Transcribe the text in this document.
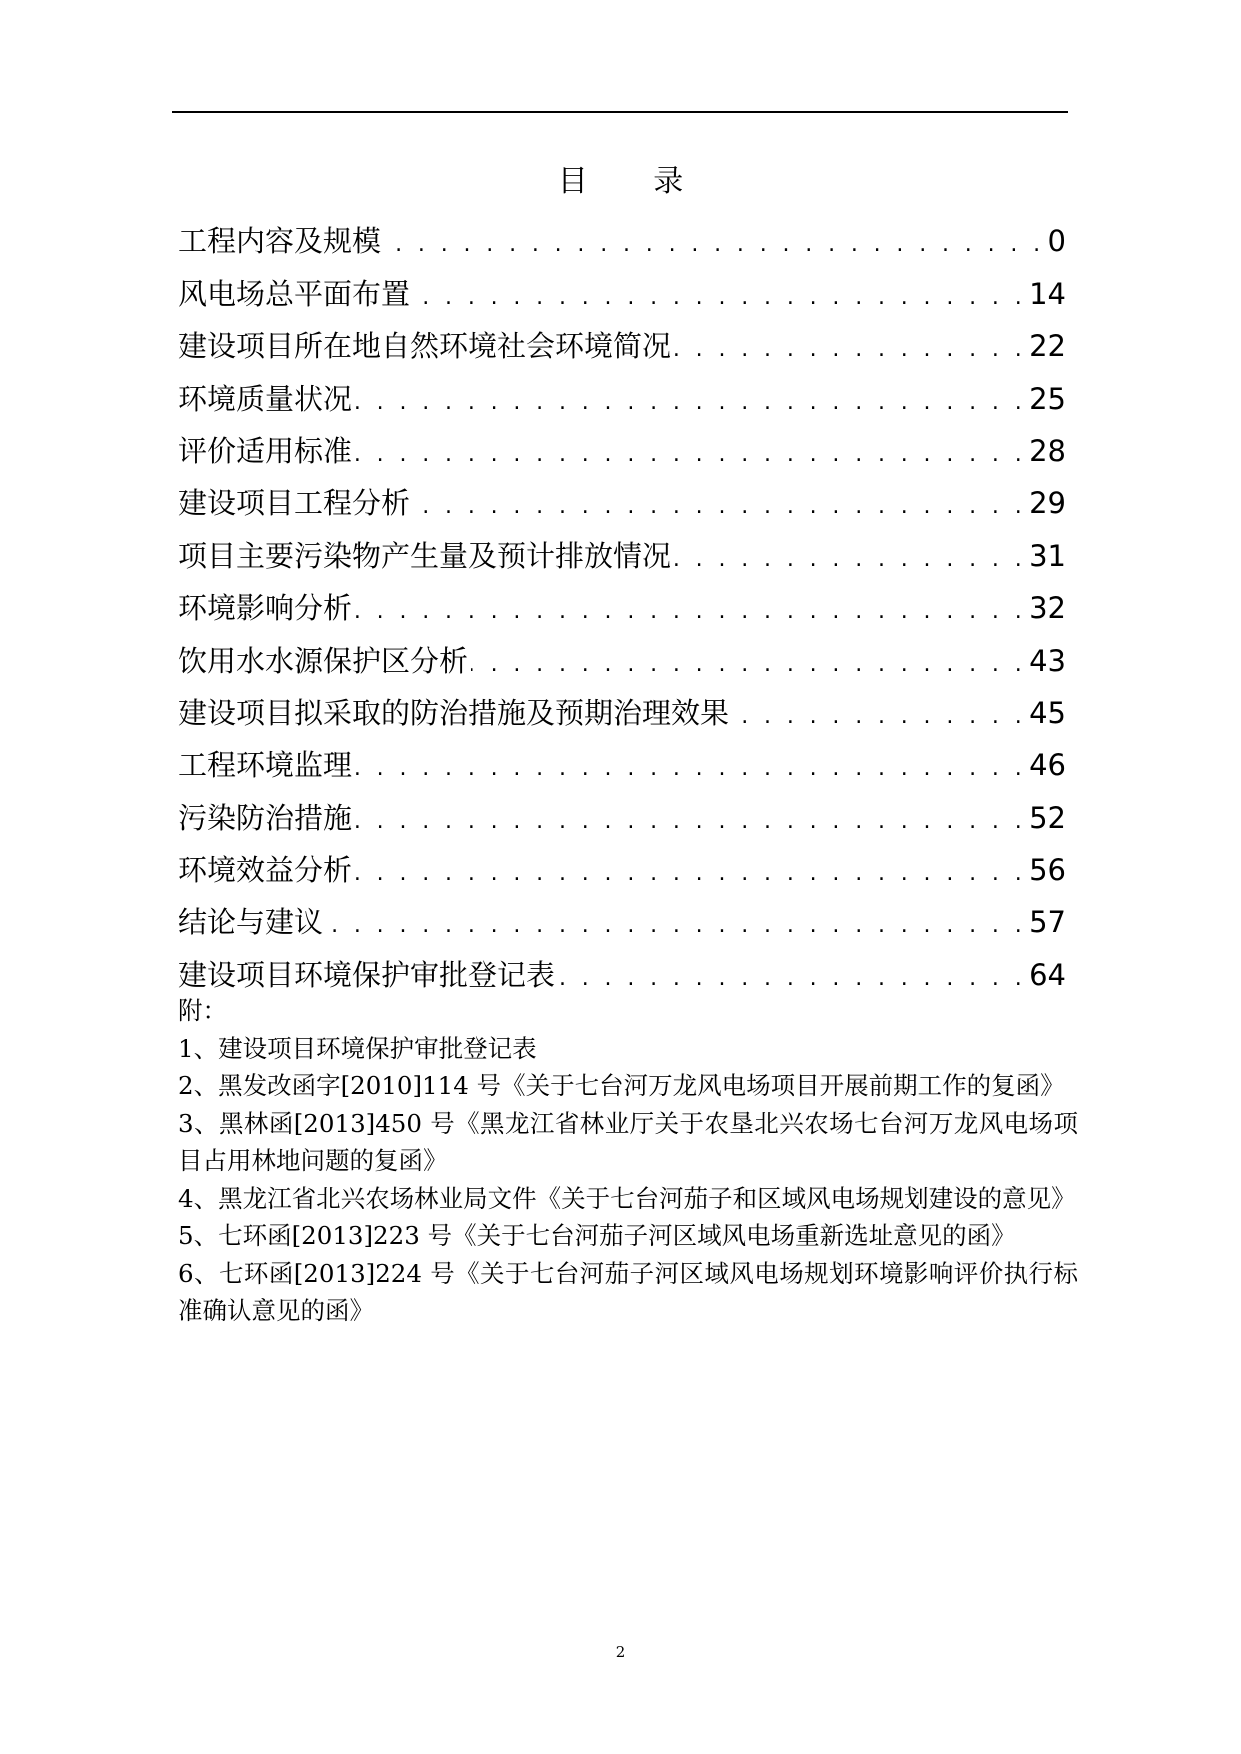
目 录
工程内容及规模 . . .	0
风电场总平面布置 . . .	14
建设项目所在地自然环境社会环境简况 . . .	22
环境质量状况 . . .	25
评价适用标准 . . .	28
建设项目工程分析 . . .	29
项目主要污染物产生量及预计排放情况 . . .	31
环境影响分析 . . .	32
饮用水水源保护区分析 . . .	43
建设项目拟采取的防治措施及预期治理效果 . . .	45
工程环境监理 . . .	46
污染防治措施 . . .	52
环境效益分析 . . .	56
结论与建议 . . .	57
建设项目环境保护审批登记表 . . .	64
附：
1、建设项目环境保护审批登记表
2、黑发改函字[2010]114 号《关于七台河万龙风电场项目开展前期工作的复函》
3、黑林函[2013]450 号《黑龙江省林业厅关于农垦北兴农场七台河万龙风电场项目占用林地问题的复函》
4、黑龙江省北兴农场林业局文件《关于七台河茄子和区域风电场规划建设的意见》
5、七环函[2013]223 号《关于七台河茄子河区域风电场重新选址意见的函》
6、七环函[2013]224 号《关于七台河茄子河区域风电场规划环境影响评价执行标准确认意见的函》
2
